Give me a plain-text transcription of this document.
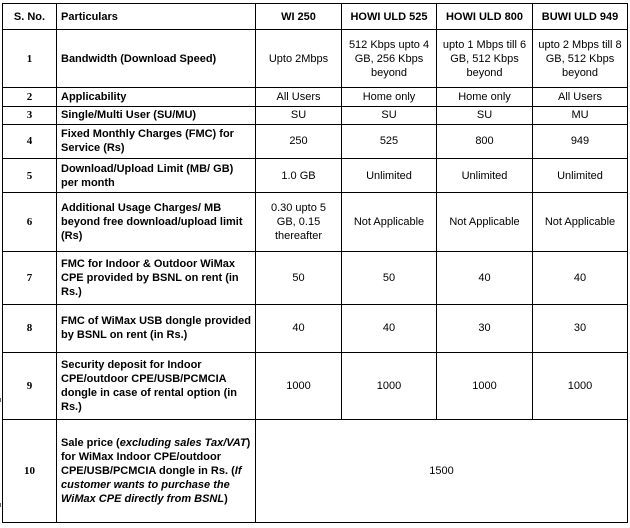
S. No.	Particulars	WI 250	HOWI ULD 525	HOWI ULD 800	BUWI ULD 949
1	Bandwidth (Download Speed)	Upto 2Mbps	512 Kbps upto 4 GB, 256 Kbps beyond	upto 1 Mbps till 6 GB, 512 Kbps beyond	upto 2 Mbps till 8 GB, 512 Kbps beyond
2	Applicability	All Users	Home only	Home only	All Users
3	Single/Multi User (SU/MU)	SU	SU	SU	MU
4	Fixed Monthly Charges (FMC) for Service (Rs)	250	525	800	949
5	Download/Upload Limit (MB/ GB) per month	1.0 GB	Unlimited	Unlimited	Unlimited
6	Additional Usage Charges/ MB beyond free download/upload limit (Rs)	0.30 upto 5 GB, 0.15 thereafter	Not Applicable	Not Applicable	Not Applicable
7	FMC for Indoor & Outdoor WiMax CPE provided by BSNL on rent (in Rs.)	50	50	40	40
8	FMC of WiMax USB dongle provided by BSNL on rent (in Rs.)	40	40	30	30
9	Security deposit for Indoor CPE/outdoor CPE/USB/PCMCIA dongle in case of rental option (in Rs.)	1000	1000	1000	1000
10	Sale price (excluding sales Tax/VAT) for WiMax Indoor CPE/outdoor CPE/USB/PCMCIA dongle in Rs. (If customer wants to purchase the WiMax CPE directly from BSNL)	1500			
